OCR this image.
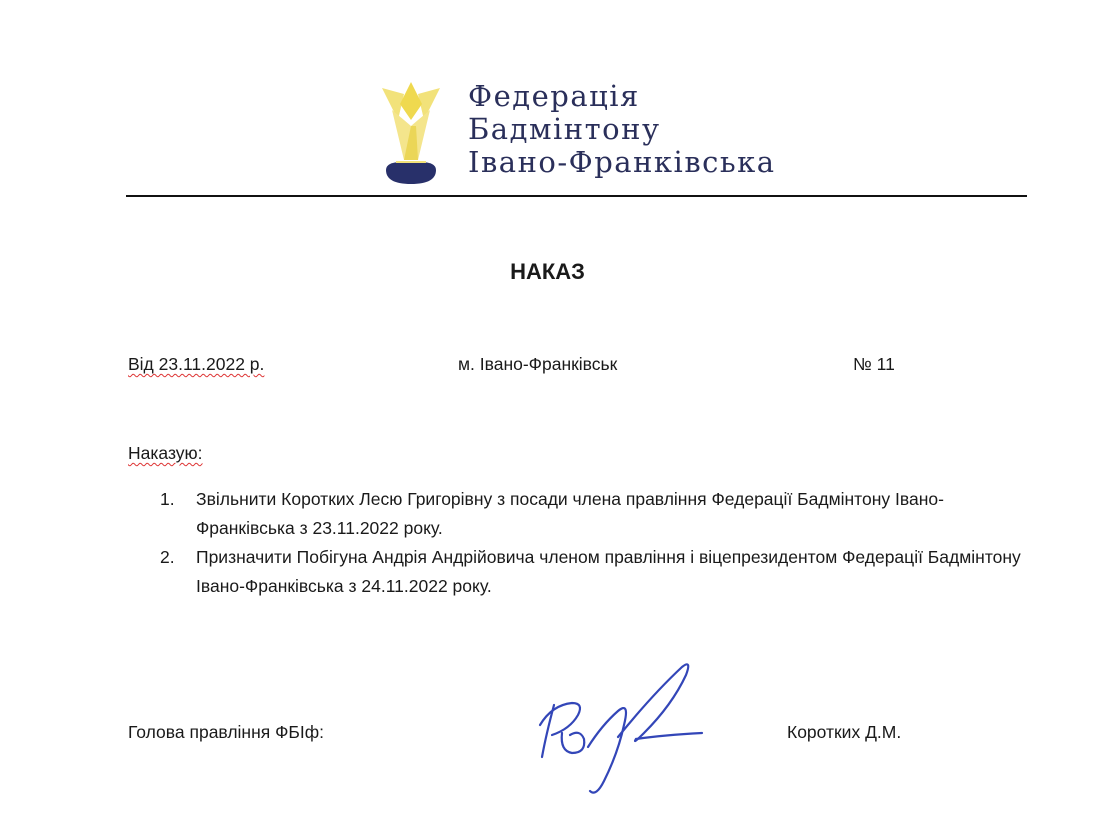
Федерація
Бадмінтону
Івано-Франківська
НАКАЗ
Від 23.11.2022 р.	м. Івано-Франківськ	№ 11
Наказую:
1.	Звільнити Коротких Лесю Григорівну з посади члена правління Федерації Бадмінтону Івано-Франківська з 23.11.2022 року.
2.	Призначити Побігуна Андрія Андрійовича членом правління і віцепрезидентом Федерації Бадмінтону Івано-Франківська з 24.11.2022 року.
Голова правління ФБІф:	Коротких Д.М.
